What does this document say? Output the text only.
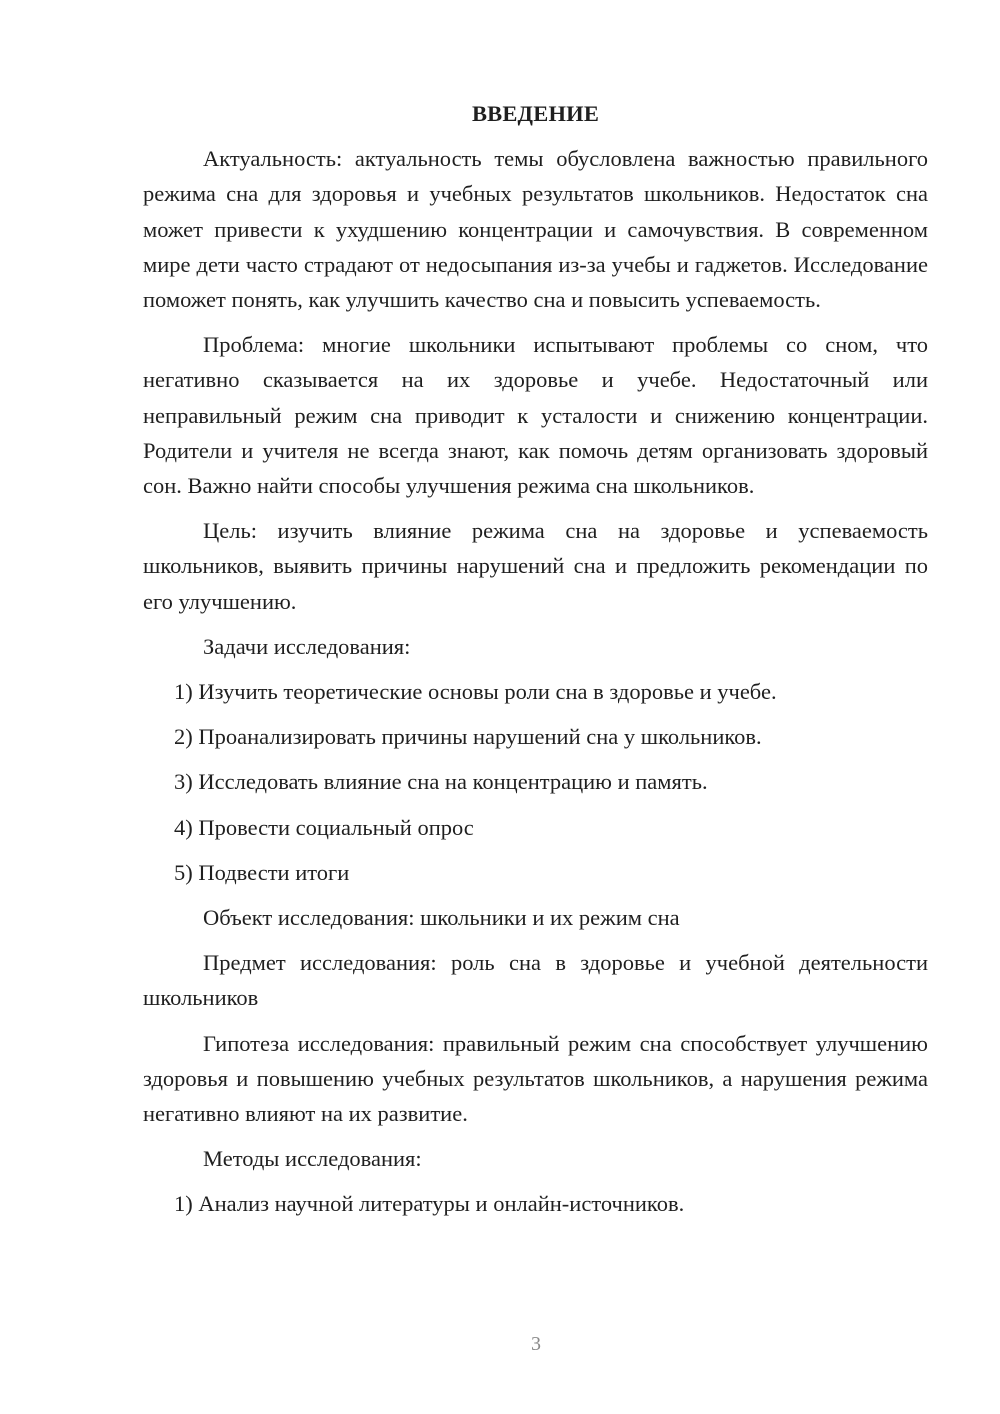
ВВЕДЕНИЕ
Актуальность: актуальность темы обусловлена важностью правильного режима сна для здоровья и учебных результатов школьников. Недостаток сна может привести к ухудшению концентрации и самочувствия. В современном мире дети часто страдают от недосыпания из-за учебы и гаджетов. Исследование поможет понять, как улучшить качество сна и повысить успеваемость.
Проблема: многие школьники испытывают проблемы со сном, что негативно сказывается на их здоровье и учебе. Недостаточный или неправильный режим сна приводит к усталости и снижению концентрации. Родители и учителя не всегда знают, как помочь детям организовать здоровый сон. Важно найти способы улучшения режима сна школьников.
Цель: изучить влияние режима сна на здоровье и успеваемость школьников, выявить причины нарушений сна и предложить рекомендации по его улучшению.
Задачи исследования:
1) Изучить теоретические основы роли сна в здоровье и учебе.
2) Проанализировать причины нарушений сна у школьников.
3) Исследовать влияние сна на концентрацию и память.
4) Провести социальный опрос
5) Подвести итоги
Объект исследования: школьники и их режим сна
Предмет исследования: роль сна в здоровье и учебной деятельности школьников
Гипотеза исследования: правильный режим сна способствует улучшению здоровья и повышению учебных результатов школьников, а нарушения режима негативно влияют на их развитие.
Методы исследования:
1) Анализ научной литературы и онлайн-источников.
3
